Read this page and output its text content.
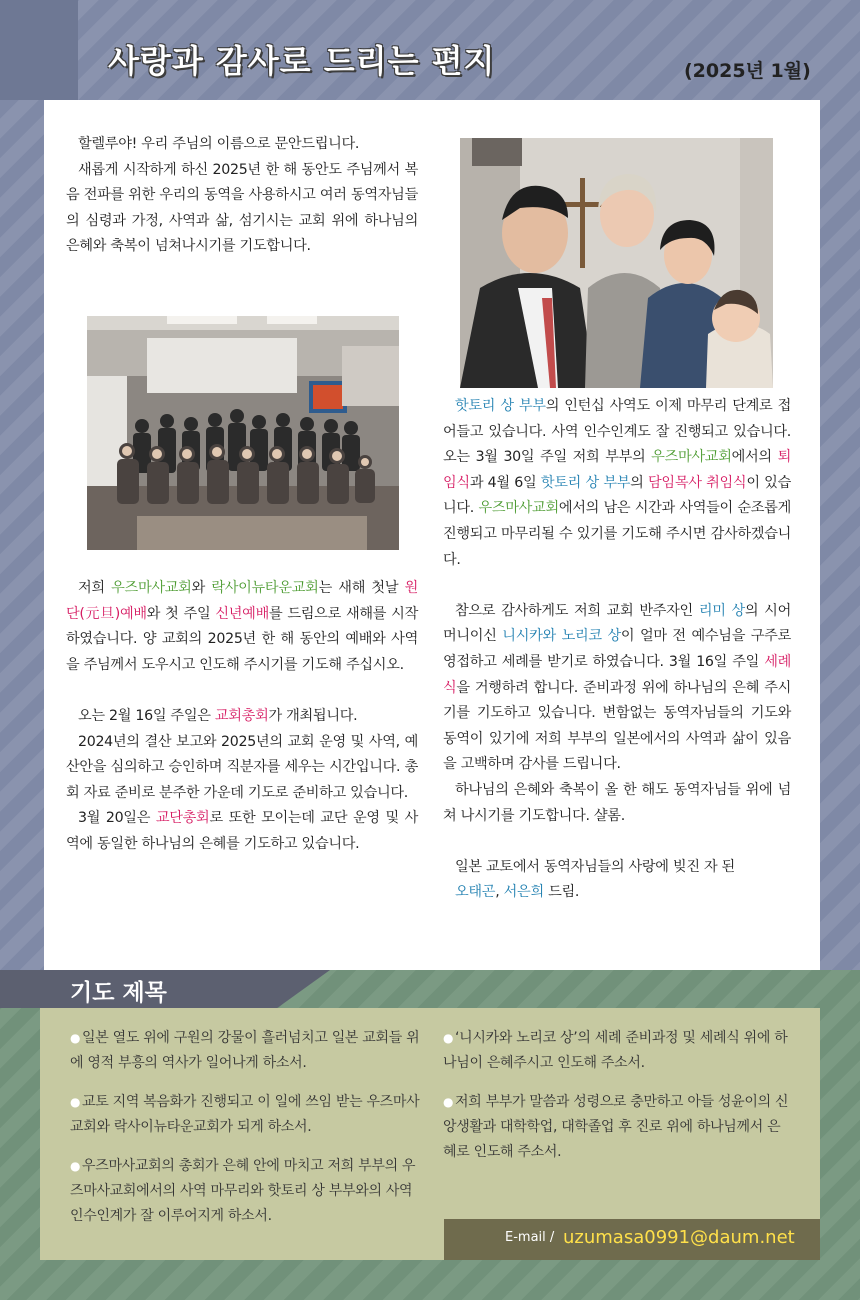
사랑과 감사로 드리는 편지	(2025년 1월)

할렐루야! 우리 주님의 이름으로 문안드립니다.

새롭게 시작하게 하신 2025년 한 해 동안도 주님께서 복음 전파를 위한 우리의 동역을 사용하시고 여러 동역자님들의 심령과 가정, 사역과 삶, 섬기시는 교회 위에 하나님의 은혜와 축복이 넘쳐나시기를 기도합니다.

저희 우즈마사교회와 락사이뉴타운교회는 새해 첫날 원단(元旦)예배와 첫 주일 신년예배를 드림으로 새해를 시작하였습니다. 양 교회의 2025년 한 해 동안의 예배와 사역을 주님께서 도우시고 인도해 주시기를 기도해 주십시오.

오는 2월 16일 주일은 교회총회가 개최됩니다.

2024년의 결산 보고와 2025년의 교회 운영 및 사역, 예산안을 심의하고 승인하며 직분자를 세우는 시간입니다. 총회 자료 준비로 분주한 가운데 기도로 준비하고 있습니다.

3월 20일은 교단총회로 또한 모이는데 교단 운영 및 사역에 동일한 하나님의 은혜를 기도하고 있습니다.

핫토리 상 부부의 인턴십 사역도 이제 마무리 단계로 접어들고 있습니다. 사역 인수인계도 잘 진행되고 있습니다. 오는 3월 30일 주일 저희 부부의 우즈마사교회에서의 퇴임식과 4월 6일 핫토리 상 부부의 담임목사 취임식이 있습니다. 우즈마사교회에서의 남은 시간과 사역들이 순조롭게 진행되고 마무리될 수 있기를 기도해 주시면 감사하겠습니다.

참으로 감사하게도 저희 교회 반주자인 리미 상의 시어머니이신 니시카와 노리코 상이 얼마 전 예수님을 구주로 영접하고 세례를 받기로 하였습니다. 3월 16일 주일 세례식을 거행하려 합니다. 준비과정 위에 하나님의 은혜 주시기를 기도하고 있습니다. 변함없는 동역자님들의 기도와 동역이 있기에 저희 부부의 일본에서의 사역과 삶이 있음을 고백하며 감사를 드립니다.

하나님의 은혜와 축복이 올 한 해도 동역자님들 위에 넘쳐 나시기를 기도합니다. 샬롬.

일본 교토에서 동역자님들의 사랑에 빚진 자 된

오태곤, 서은희 드림.

기도 제목

● 일본 열도 위에 구원의 강물이 흘러넘치고 일본 교회들 위에 영적 부흥의 역사가 일어나게 하소서.

● 교토 지역 복음화가 진행되고 이 일에 쓰임 받는 우즈마사교회와 락사이뉴타운교회가 되게 하소서.

● 우즈마사교회의 총회가 은혜 안에 마치고 저희 부부의 우즈마사교회에서의 사역 마무리와 핫토리 상 부부와의 사역 인수인계가 잘 이루어지게 하소서.

● ‘니시카와 노리코 상’의 세례 준비과정 및 세례식 위에 하나님이 은혜주시고 인도해 주소서.

● 저희 부부가 말씀과 성령으로 충만하고 아들 성윤이의 신앙생활과 대학학업, 대학졸업 후 진로 위에 하나님께서 은혜로 인도해 주소서.

E-mail / uzumasa0991@daum.net
